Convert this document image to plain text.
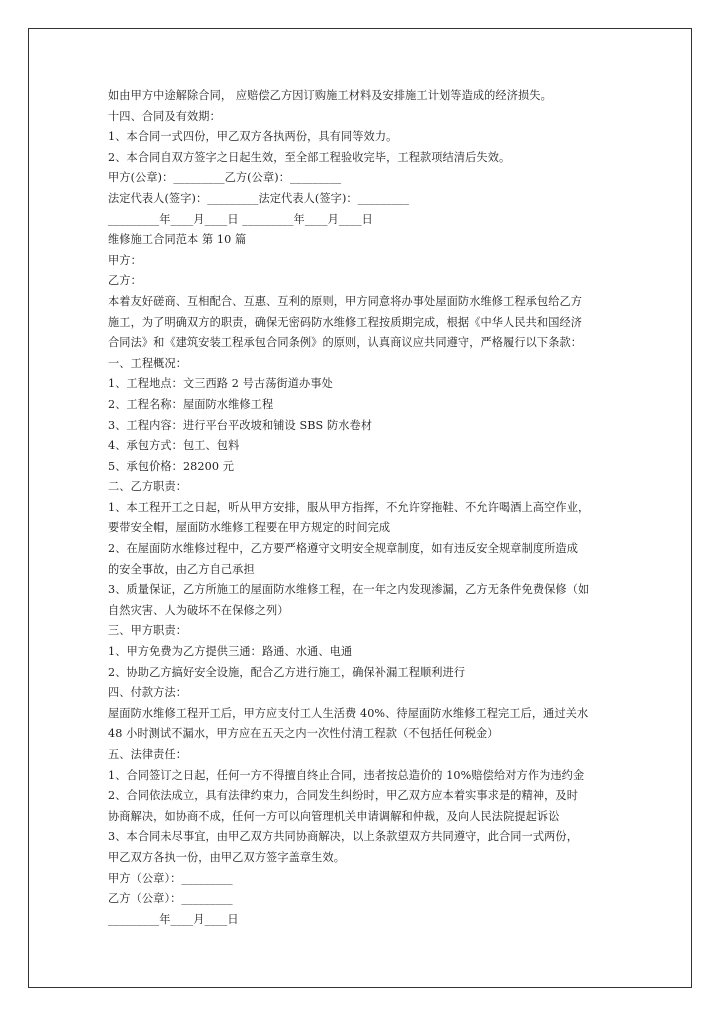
如由甲方中途解除合同， 应赔偿乙方因订购施工材料及安排施工计划等造成的经济损失。
十四、合同及有效期：
1、本合同一式四份，甲乙双方各执两份，具有同等效力。
2、本合同自双方签字之日起生效，至全部工程验收完毕，工程款项结清后失效。
甲方(公章)：_________乙方(公章)：_________
法定代表人(签字)：_________法定代表人(签字)：_________
_________年____月____日 _________年____月____日
维修施工合同范本 第 10 篇
甲方：
乙方：
本着友好磋商、互相配合、互惠、互利的原则，甲方同意将办事处屋面防水维修工程承包给乙方
施工，为了明确双方的职责，确保无密码防水维修工程按质期完成，根据《中华人民共和国经济
合同法》和《建筑安装工程承包合同条例》的原则，认真商议应共同遵守，严格履行以下条款：
一、工程概况：
1、工程地点：文三西路 2 号古荡街道办事处
2、工程名称：屋面防水维修工程
3、工程内容：进行平台平改坡和铺设 SBS 防水卷材
4、承包方式：包工、包料
5、承包价格：28200 元
二、乙方职责：
1、本工程开工之日起，听从甲方安排，服从甲方指挥，不允许穿拖鞋、不允许喝酒上高空作业，
要带安全帽，屋面防水维修工程要在甲方规定的时间完成
2、在屋面防水维修过程中，乙方要严格遵守文明安全规章制度，如有违反安全规章制度所造成
的安全事故，由乙方自己承担
3、质量保证，乙方所施工的屋面防水维修工程，在一年之内发现渗漏，乙方无条件免费保修（如
自然灾害、人为破坏不在保修之列）
三、甲方职责：
1、甲方免费为乙方提供三通：路通、水通、电通
2、协助乙方搞好安全设施，配合乙方进行施工，确保补漏工程顺利进行
四、付款方法：
屋面防水维修工程开工后，甲方应支付工人生活费 40%、待屋面防水维修工程完工后，通过关水
48 小时测试不漏水，甲方应在五天之内一次性付清工程款（不包括任何税金）
五、法律责任：
1、合同签订之日起，任何一方不得擅自终止合同，违者按总造价的 10%赔偿给对方作为违约金
2、合同依法成立，具有法律约束力，合同发生纠纷时，甲乙双方应本着实事求是的精神，及时
协商解决，如协商不成，任何一方可以向管理机关申请调解和仲裁，及向人民法院提起诉讼
3、本合同未尽事宜，由甲乙双方共同协商解决，以上条款望双方共同遵守，此合同一式两份，
甲乙双方各执一份，由甲乙双方签字盖章生效。
甲方（公章）：_________
乙方（公章）：_________
_________年____月____日
